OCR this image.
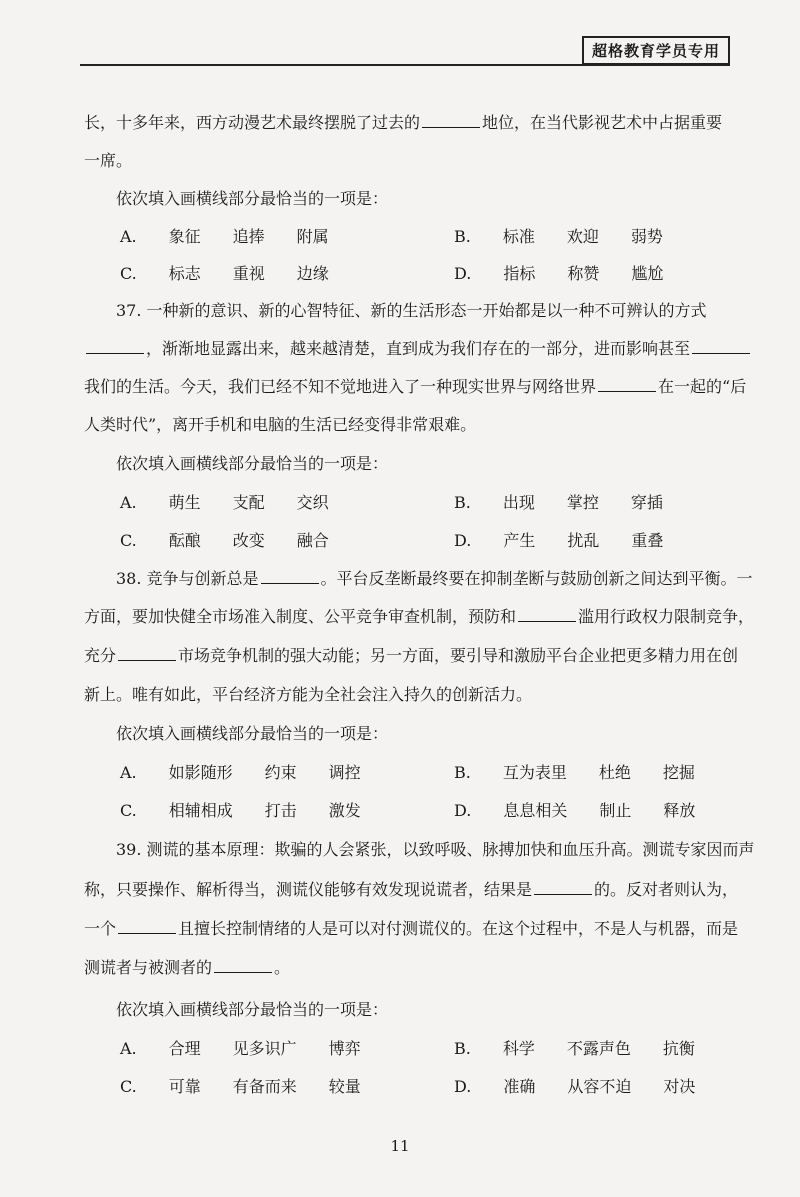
超格教育学员专用
长，十多年来，西方动漫艺术最终摆脱了过去的	地位，在当代影视艺术中占据重要
一席。
依次填入画横线部分最恰当的一项是：
A. 象征 追捧 附属	B. 标准 欢迎 弱势
C. 标志 重视 边缘	D. 指标 称赞 尴尬
37. 一种新的意识、新的心智特征、新的生活形态一开始都是以一种不可辨认的方式
，渐渐地显露出来，越来越清楚，直到成为我们存在的一部分，进而影响甚至
我们的生活。今天，我们已经不知不觉地进入了一种现实世界与网络世界	在一起的“后
人类时代”，离开手机和电脑的生活已经变得非常艰难。
依次填入画横线部分最恰当的一项是：
A. 萌生 支配 交织	B. 出现 掌控 穿插
C. 酝酿 改变 融合	D. 产生 扰乱 重叠
38. 竞争与创新总是	。平台反垄断最终要在抑制垄断与鼓励创新之间达到平衡。一
方面，要加快健全市场准入制度、公平竞争审查机制，预防和	滥用行政权力限制竞争，
充分	市场竞争机制的强大动能；另一方面，要引导和激励平台企业把更多精力用在创
新上。唯有如此，平台经济方能为全社会注入持久的创新活力。
依次填入画横线部分最恰当的一项是：
A. 如影随形 约束 调控	B. 互为表里 杜绝 挖掘
C. 相辅相成 打击 激发	D. 息息相关 制止 释放
39. 测谎的基本原理：欺骗的人会紧张，以致呼吸、脉搏加快和血压升高。测谎专家因而声
称，只要操作、解析得当，测谎仪能够有效发现说谎者，结果是	的。反对者则认为，
一个	且擅长控制情绪的人是可以对付测谎仪的。在这个过程中，不是人与机器，而是
测谎者与被测者的	。
依次填入画横线部分最恰当的一项是：
A. 合理 见多识广 博弈	B. 科学 不露声色 抗衡
C. 可靠 有备而来 较量	D. 准确 从容不迫 对决
11
